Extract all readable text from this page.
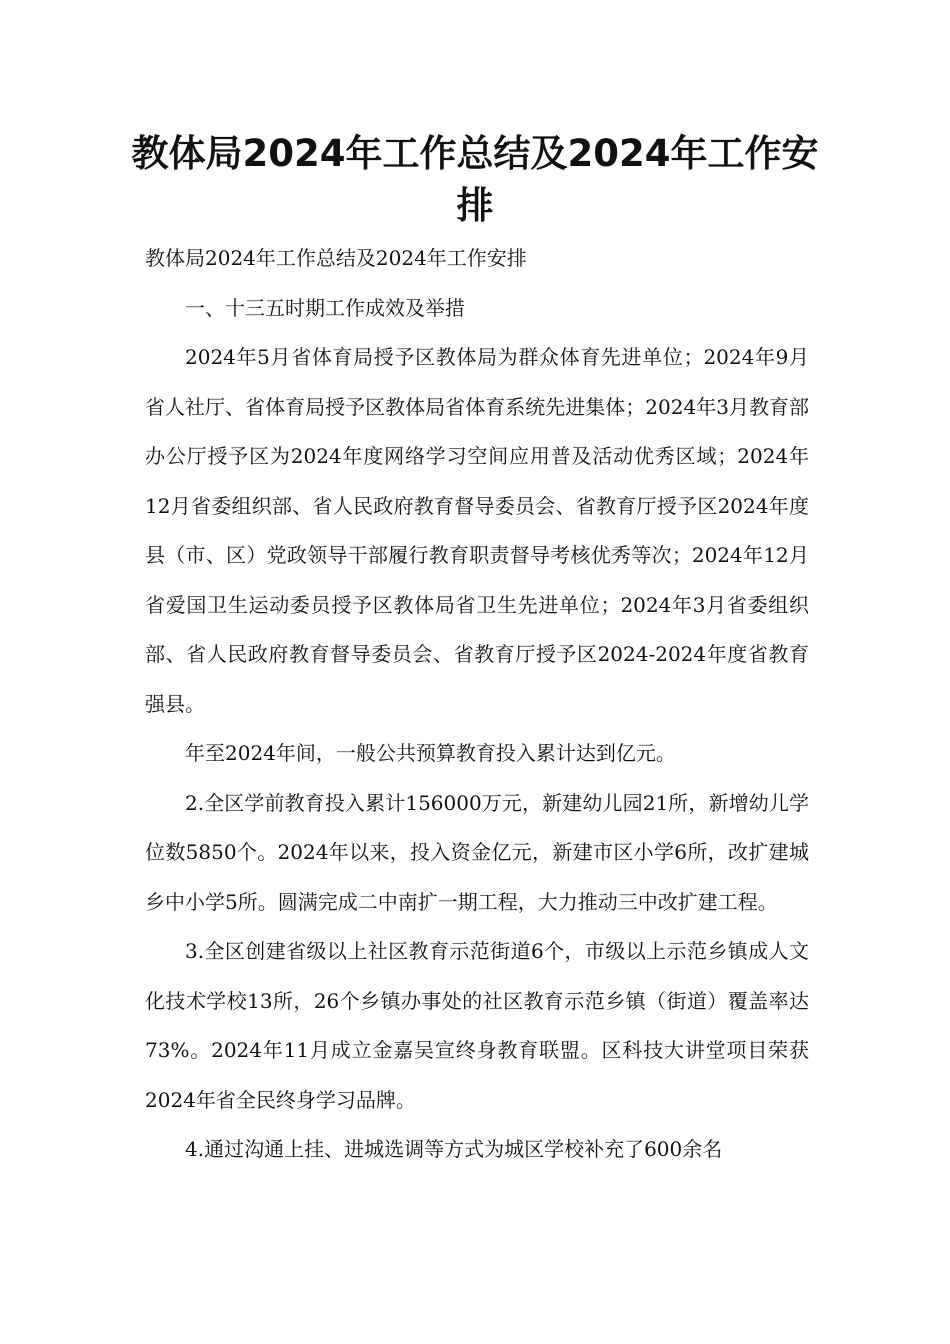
教体局2024年工作总结及2024年工作安排

教体局2024年工作总结及2024年工作安排

一、十三五时期工作成效及举措

2024年5月省体育局授予区教体局为群众体育先进单位；2024年9月省人社厅、省体育局授予区教体局省体育系统先进集体；2024年3月教育部办公厅授予区为2024年度网络学习空间应用普及活动优秀区域；2024年12月省委组织部、省人民政府教育督导委员会、省教育厅授予区2024年度县（市、区）党政领导干部履行教育职责督导考核优秀等次；2024年12月省爱国卫生运动委员授予区教体局省卫生先进单位；2024年3月省委组织部、省人民政府教育督导委员会、省教育厅授予区2024-2024年度省教育强县。

年至2024年间，一般公共预算教育投入累计达到亿元。

2.全区学前教育投入累计156000万元，新建幼儿园21所，新增幼儿学位数5850个。2024年以来，投入资金亿元，新建市区小学6所，改扩建城乡中小学5所。圆满完成二中南扩一期工程，大力推动三中改扩建工程。

3.全区创建省级以上社区教育示范街道6个，市级以上示范乡镇成人文化技术学校13所，26个乡镇办事处的社区教育示范乡镇（街道）覆盖率达73%。2024年11月成立金嘉吴宣终身教育联盟。区科技大讲堂项目荣获2024年省全民终身学习品牌。

4.通过沟通上挂、进城选调等方式为城区学校补充了600余名
